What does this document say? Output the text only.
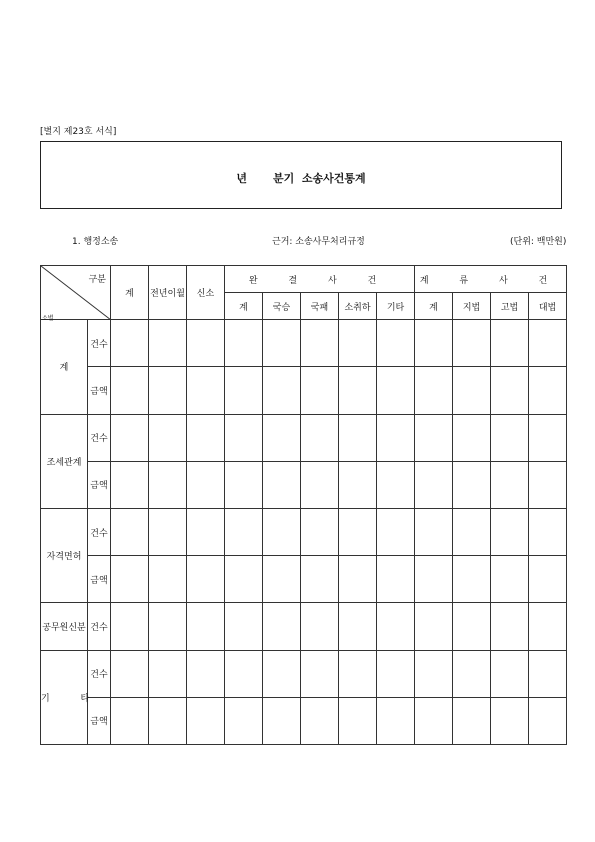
[별지 제23호 서식]
년 분기 소송사건통계
1. 행정소송	근거: 소송사무처리규정	(단위: 백만원)
구분
소별		계	전년이월	신소	완 결 사 건					계 류 사 건			
					계	국승	국패	소취하	기타	계	지법	고법	대법
계	건수												
	금액												
조세관계	건수												
	금액												
자격면허	건수												
	금액												
공무원신분	건수												
기 타	건수												
	금액												
